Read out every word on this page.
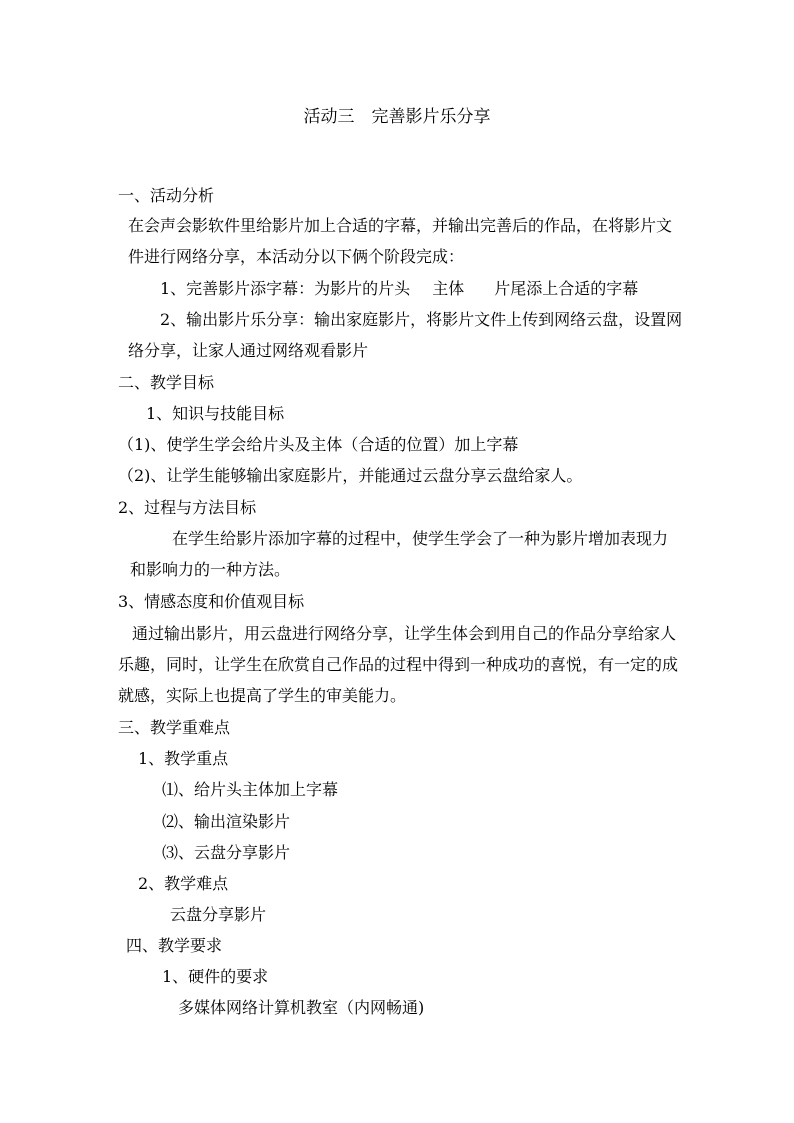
活动三　完善影片乐分享
一、活动分析
在会声会影软件里给影片加上合适的字幕，并输出完善后的作品，在将影片文
件进行网络分享，本活动分以下俩个阶段完成：
1、完善影片添字幕：为影片的片头 主体 片尾添上合适的字幕
2、输出影片乐分享：输出家庭影片，将影片文件上传到网络云盘，设置网
络分享，让家人通过网络观看影片
二、教学目标
1、知识与技能目标
（1)、使学生学会给片头及主体（合适的位置）加上字幕
（2)、让学生能够输出家庭影片，并能通过云盘分享云盘给家人。
2、过程与方法目标
在学生给影片添加字幕的过程中，使学生学会了一种为影片增加表现力
和影响力的一种方法。
3、情感态度和价值观目标
通过输出影片，用云盘进行网络分享，让学生体会到用自己的作品分享给家人
乐趣，同时，让学生在欣赏自己作品的过程中得到一种成功的喜悦，有一定的成
就感，实际上也提高了学生的审美能力。
三、教学重难点
1、教学重点
⑴、给片头主体加上字幕
⑵、输出渲染影片
⑶、云盘分享影片
2、教学难点
云盘分享影片
四、教学要求
1、硬件的要求
多媒体网络计算机教室（内网畅通)
